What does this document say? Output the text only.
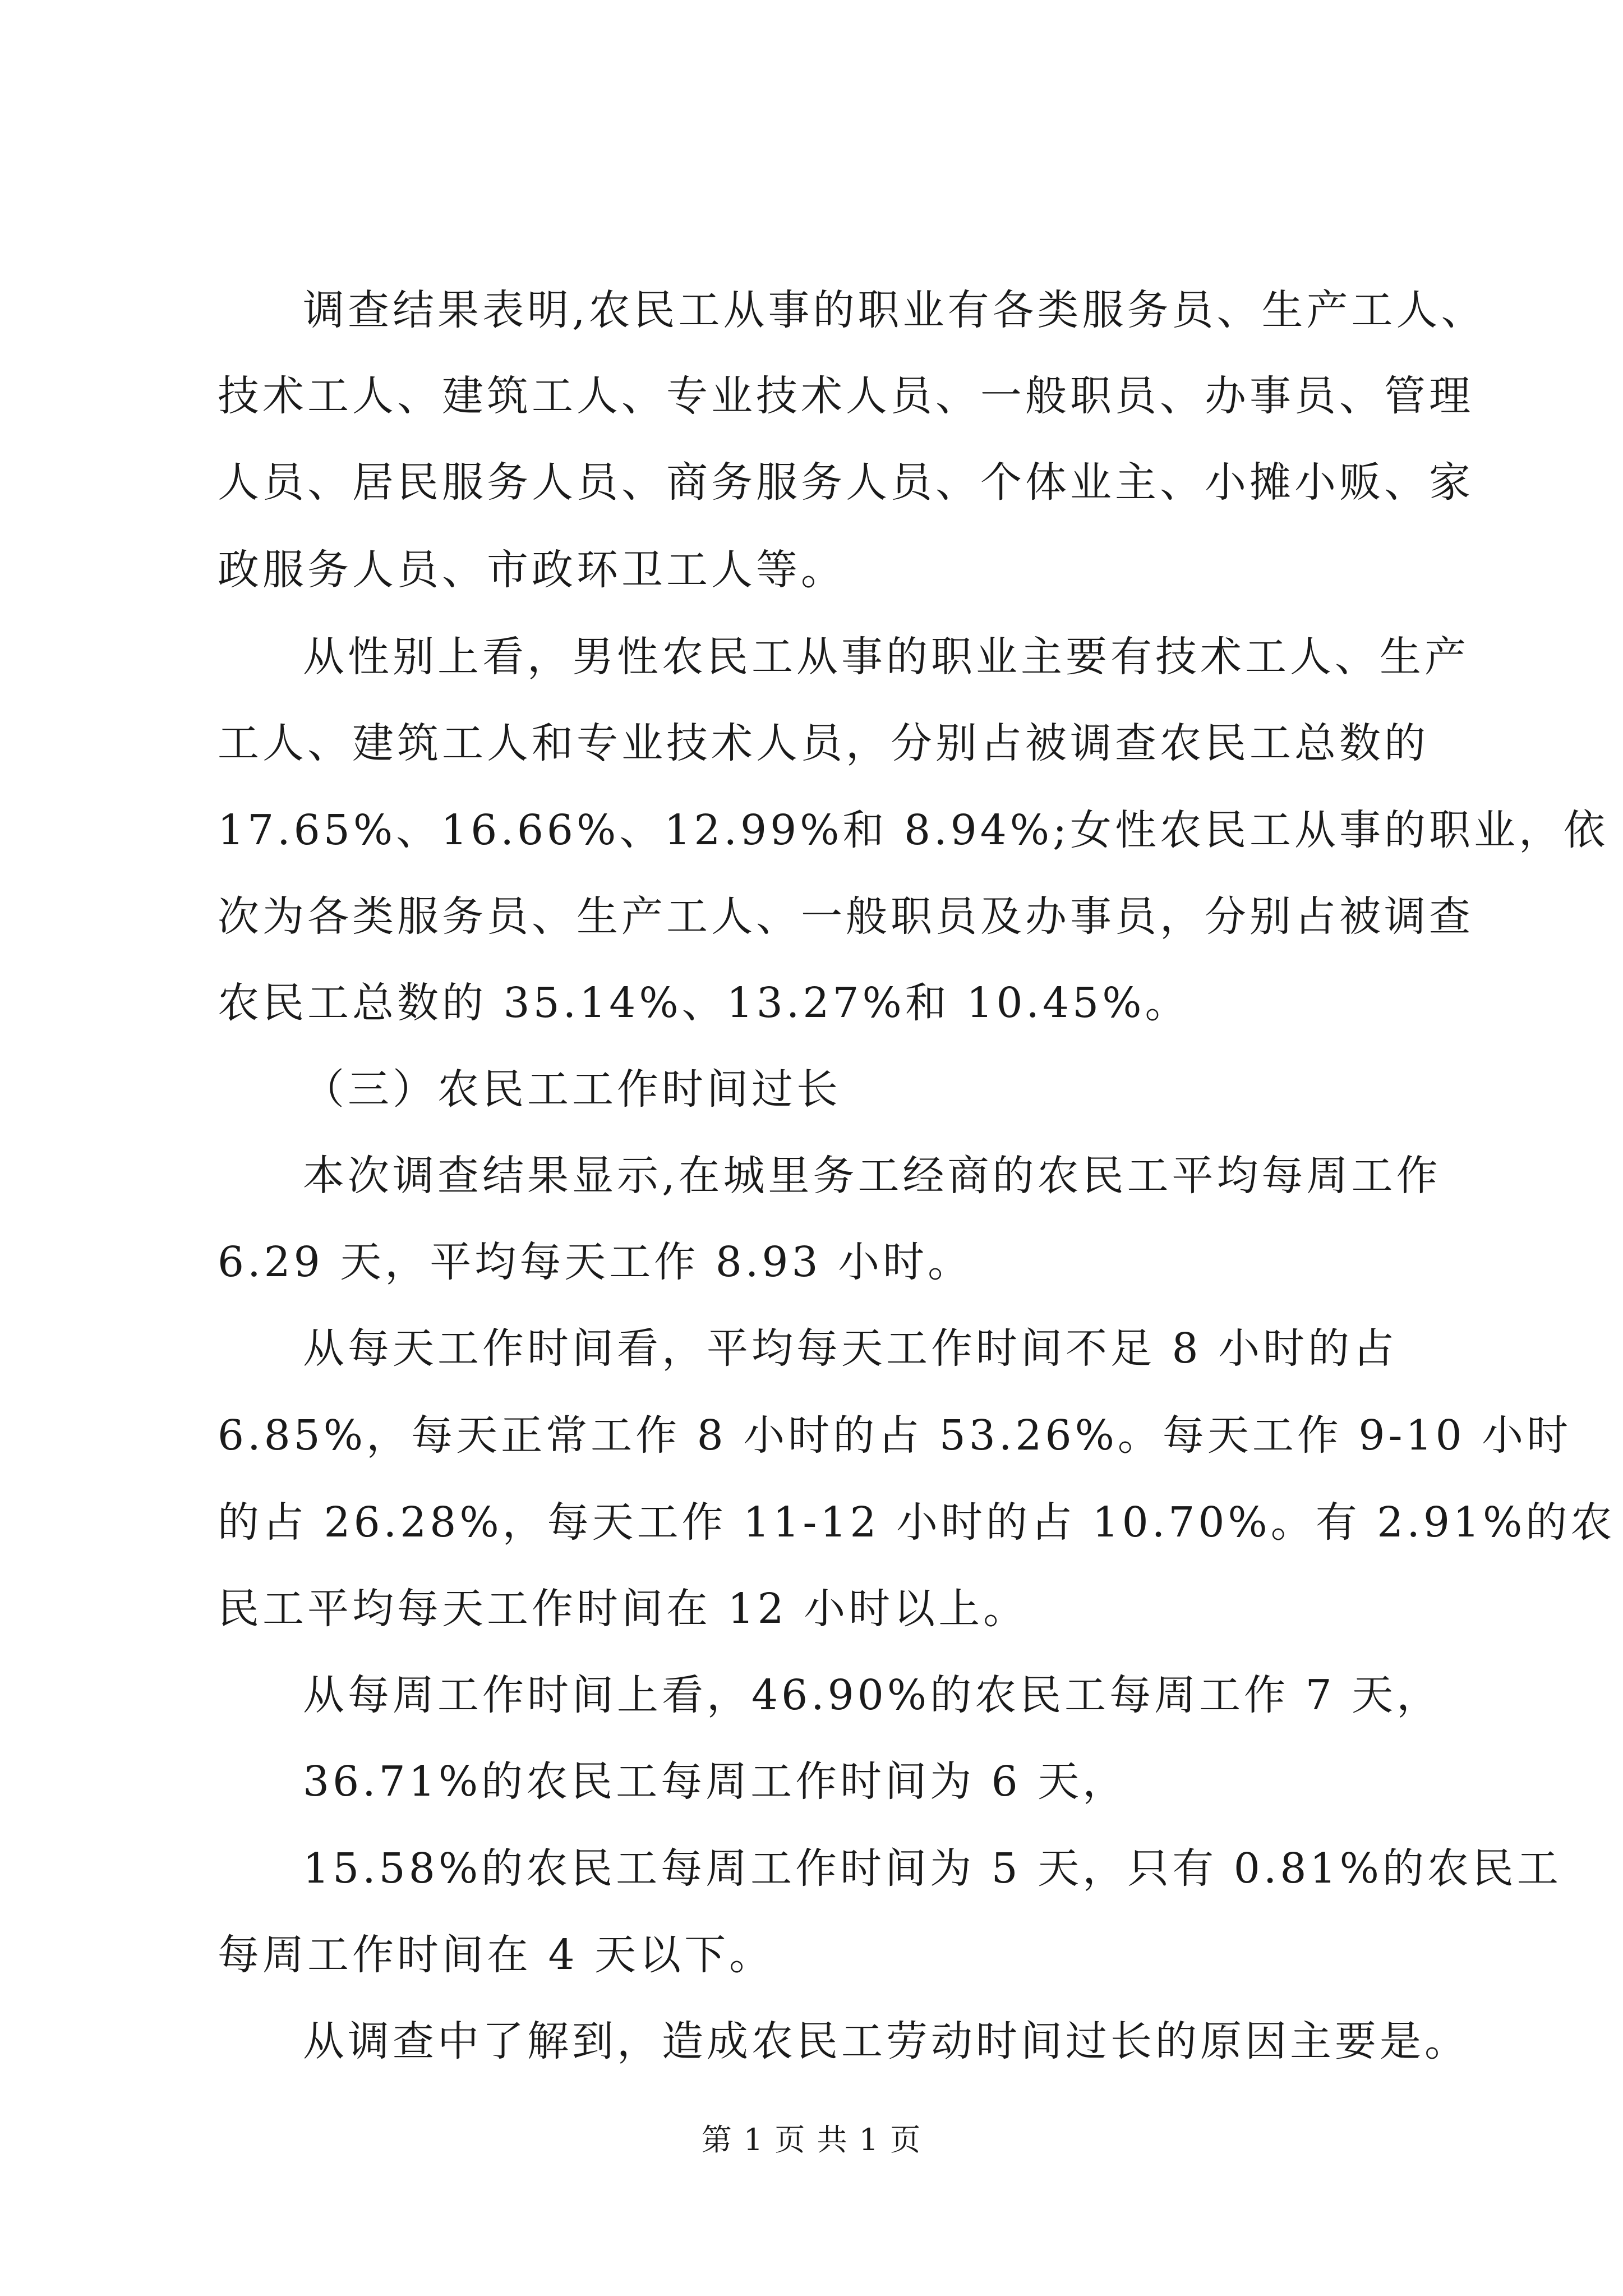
调查结果表明,农民工从事的职业有各类服务员、生产工人、
技术工人、建筑工人、专业技术人员、一般职员、办事员、管理
人员、居民服务人员、商务服务人员、个体业主、小摊小贩、家
政服务人员、市政环卫工人等。
从性别上看，男性农民工从事的职业主要有技术工人、生产
工人、建筑工人和专业技术人员，分别占被调查农民工总数的
17.65%、16.66%、12.99%和 8.94%;女性农民工从事的职业，依
次为各类服务员、生产工人、一般职员及办事员，分别占被调查
农民工总数的 35.14%、13.27%和 10.45%。
（三）农民工工作时间过长
本次调查结果显示,在城里务工经商的农民工平均每周工作
6.29 天，平均每天工作 8.93 小时。
从每天工作时间看，平均每天工作时间不足 8 小时的占
6.85%，每天正常工作 8 小时的占 53.26%。每天工作 9-10 小时
的占 26.28%，每天工作 11-12 小时的占 10.70%。有 2.91%的农
民工平均每天工作时间在 12 小时以上。
从每周工作时间上看，46.90%的农民工每周工作 7 天，
36.71%的农民工每周工作时间为 6 天，
15.58%的农民工每周工作时间为 5 天，只有 0.81%的农民工
每周工作时间在 4 天以下。
从调查中了解到，造成农民工劳动时间过长的原因主要是。
第 1 页 共 1 页
